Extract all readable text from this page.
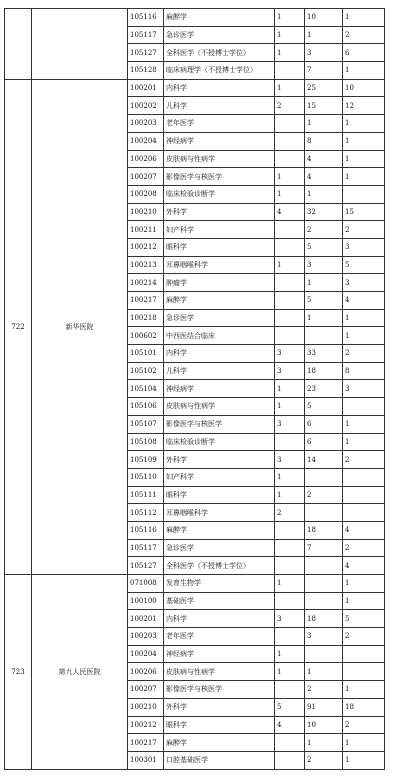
		105116	麻醉学	1	10	1
		105117	急诊医学	1	1	2
		105127	全科医学（不授博士学位）	1	3	6
		105128	临床病理学（不授博士学位）		7	1
722	新华医院	100201	内科学	1	25	10
		100202	儿科学	2	15	12
		100203	老年医学		1	1
		100204	神经病学		8	1
		100206	皮肤病与性病学		4	1
		100207	影像医学与核医学	1	4	1
		100208	临床检验诊断学	1	1	
		100210	外科学	4	32	15
		100211	妇产科学		2	2
		100212	眼科学		5	3
		100213	耳鼻咽喉科学	1	3	5
		100214	肿瘤学		1	3
		100217	麻醉学		5	4
		100218	急诊医学		1	1
		100602	中西医结合临床			1
		105101	内科学	3	33	2
		105102	儿科学	3	18	8
		105104	神经病学	1	23	3
		105106	皮肤病与性病学	1	5	
		105107	影像医学与核医学	3	6	1
		105108	临床检验诊断学		6	1
		105109	外科学	3	14	2
		105110	妇产科学	1		
		105111	眼科学	1	2	
		105112	耳鼻咽喉科学	2		
		105116	麻醉学		18	4
		105117	急诊医学		7	2
		105127	全科医学（不授博士学位）			4
723	第九人民医院	071008	发育生物学	1		1
		100100	基础医学			1
		100201	内科学	3	18	5
		100203	老年医学		3	2
		100204	神经病学	1		
		100206	皮肤病与性病学	1	1	
		100207	影像医学与核医学		2	1
		100210	外科学	5	91	18
		100212	眼科学	4	10	2
		100217	麻醉学		1	1
		100301	口腔基础医学		2	1
